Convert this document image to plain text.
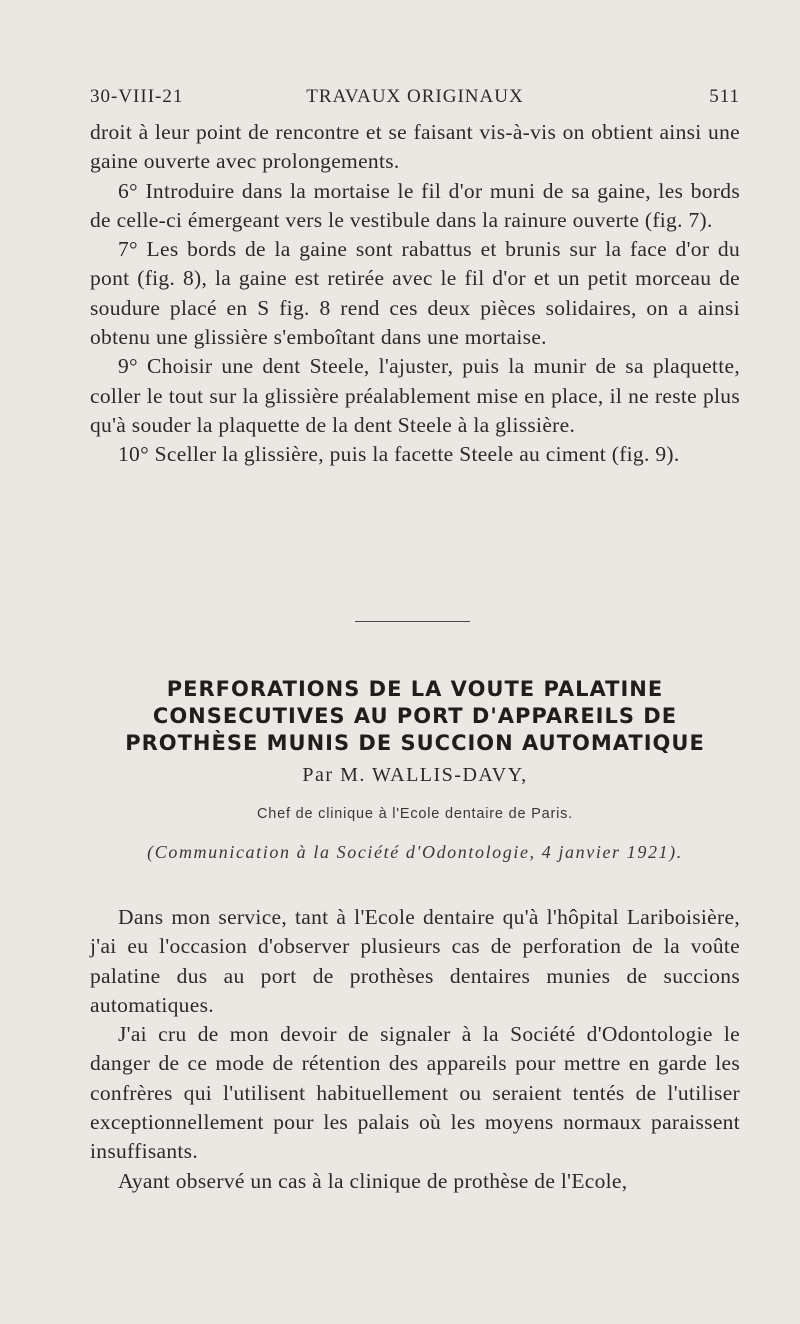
30-VIII-21	TRAVAUX ORIGINAUX	511

droit à leur point de rencontre et se faisant vis-à-vis on obtient ainsi une gaine ouverte avec prolongements.

6° Introduire dans la mortaise le fil d'or muni de sa gaine, les bords de celle-ci émergeant vers le vestibule dans la rainure ouverte (fig. 7).

7° Les bords de la gaine sont rabattus et brunis sur la face d'or du pont (fig. 8), la gaine est retirée avec le fil d'or et un petit morceau de soudure placé en S fig. 8 rend ces deux pièces solidaires, on a ainsi obtenu une glissière s'emboîtant dans une mortaise.

9° Choisir une dent Steele, l'ajuster, puis la munir de sa plaquette, coller le tout sur la glissière préalablement mise en place, il ne reste plus qu'à souder la plaquette de la dent Steele à la glissière.

10° Sceller la glissière, puis la facette Steele au ciment (fig. 9).

PERFORATIONS DE LA VOUTE PALATINE
CONSECUTIVES AU PORT D'APPAREILS DE
PROTHÈSE MUNIS DE SUCCION AUTOMATIQUE
Par M. WALLIS-DAVY,
Chef de clinique à l'Ecole dentaire de Paris.
(Communication à la Société d'Odontologie, 4 janvier 1921).

Dans mon service, tant à l'Ecole dentaire qu'à l'hôpital Lariboisière, j'ai eu l'occasion d'observer plusieurs cas de perforation de la voûte palatine dus au port de prothèses dentaires munies de succions automatiques.

J'ai cru de mon devoir de signaler à la Société d'Odontologie le danger de ce mode de rétention des appareils pour mettre en garde les confrères qui l'utilisent habituellement ou seraient tentés de l'utiliser exceptionnellement pour les palais où les moyens normaux paraissent insuffisants.

Ayant observé un cas à la clinique de prothèse de l'Ecole,
